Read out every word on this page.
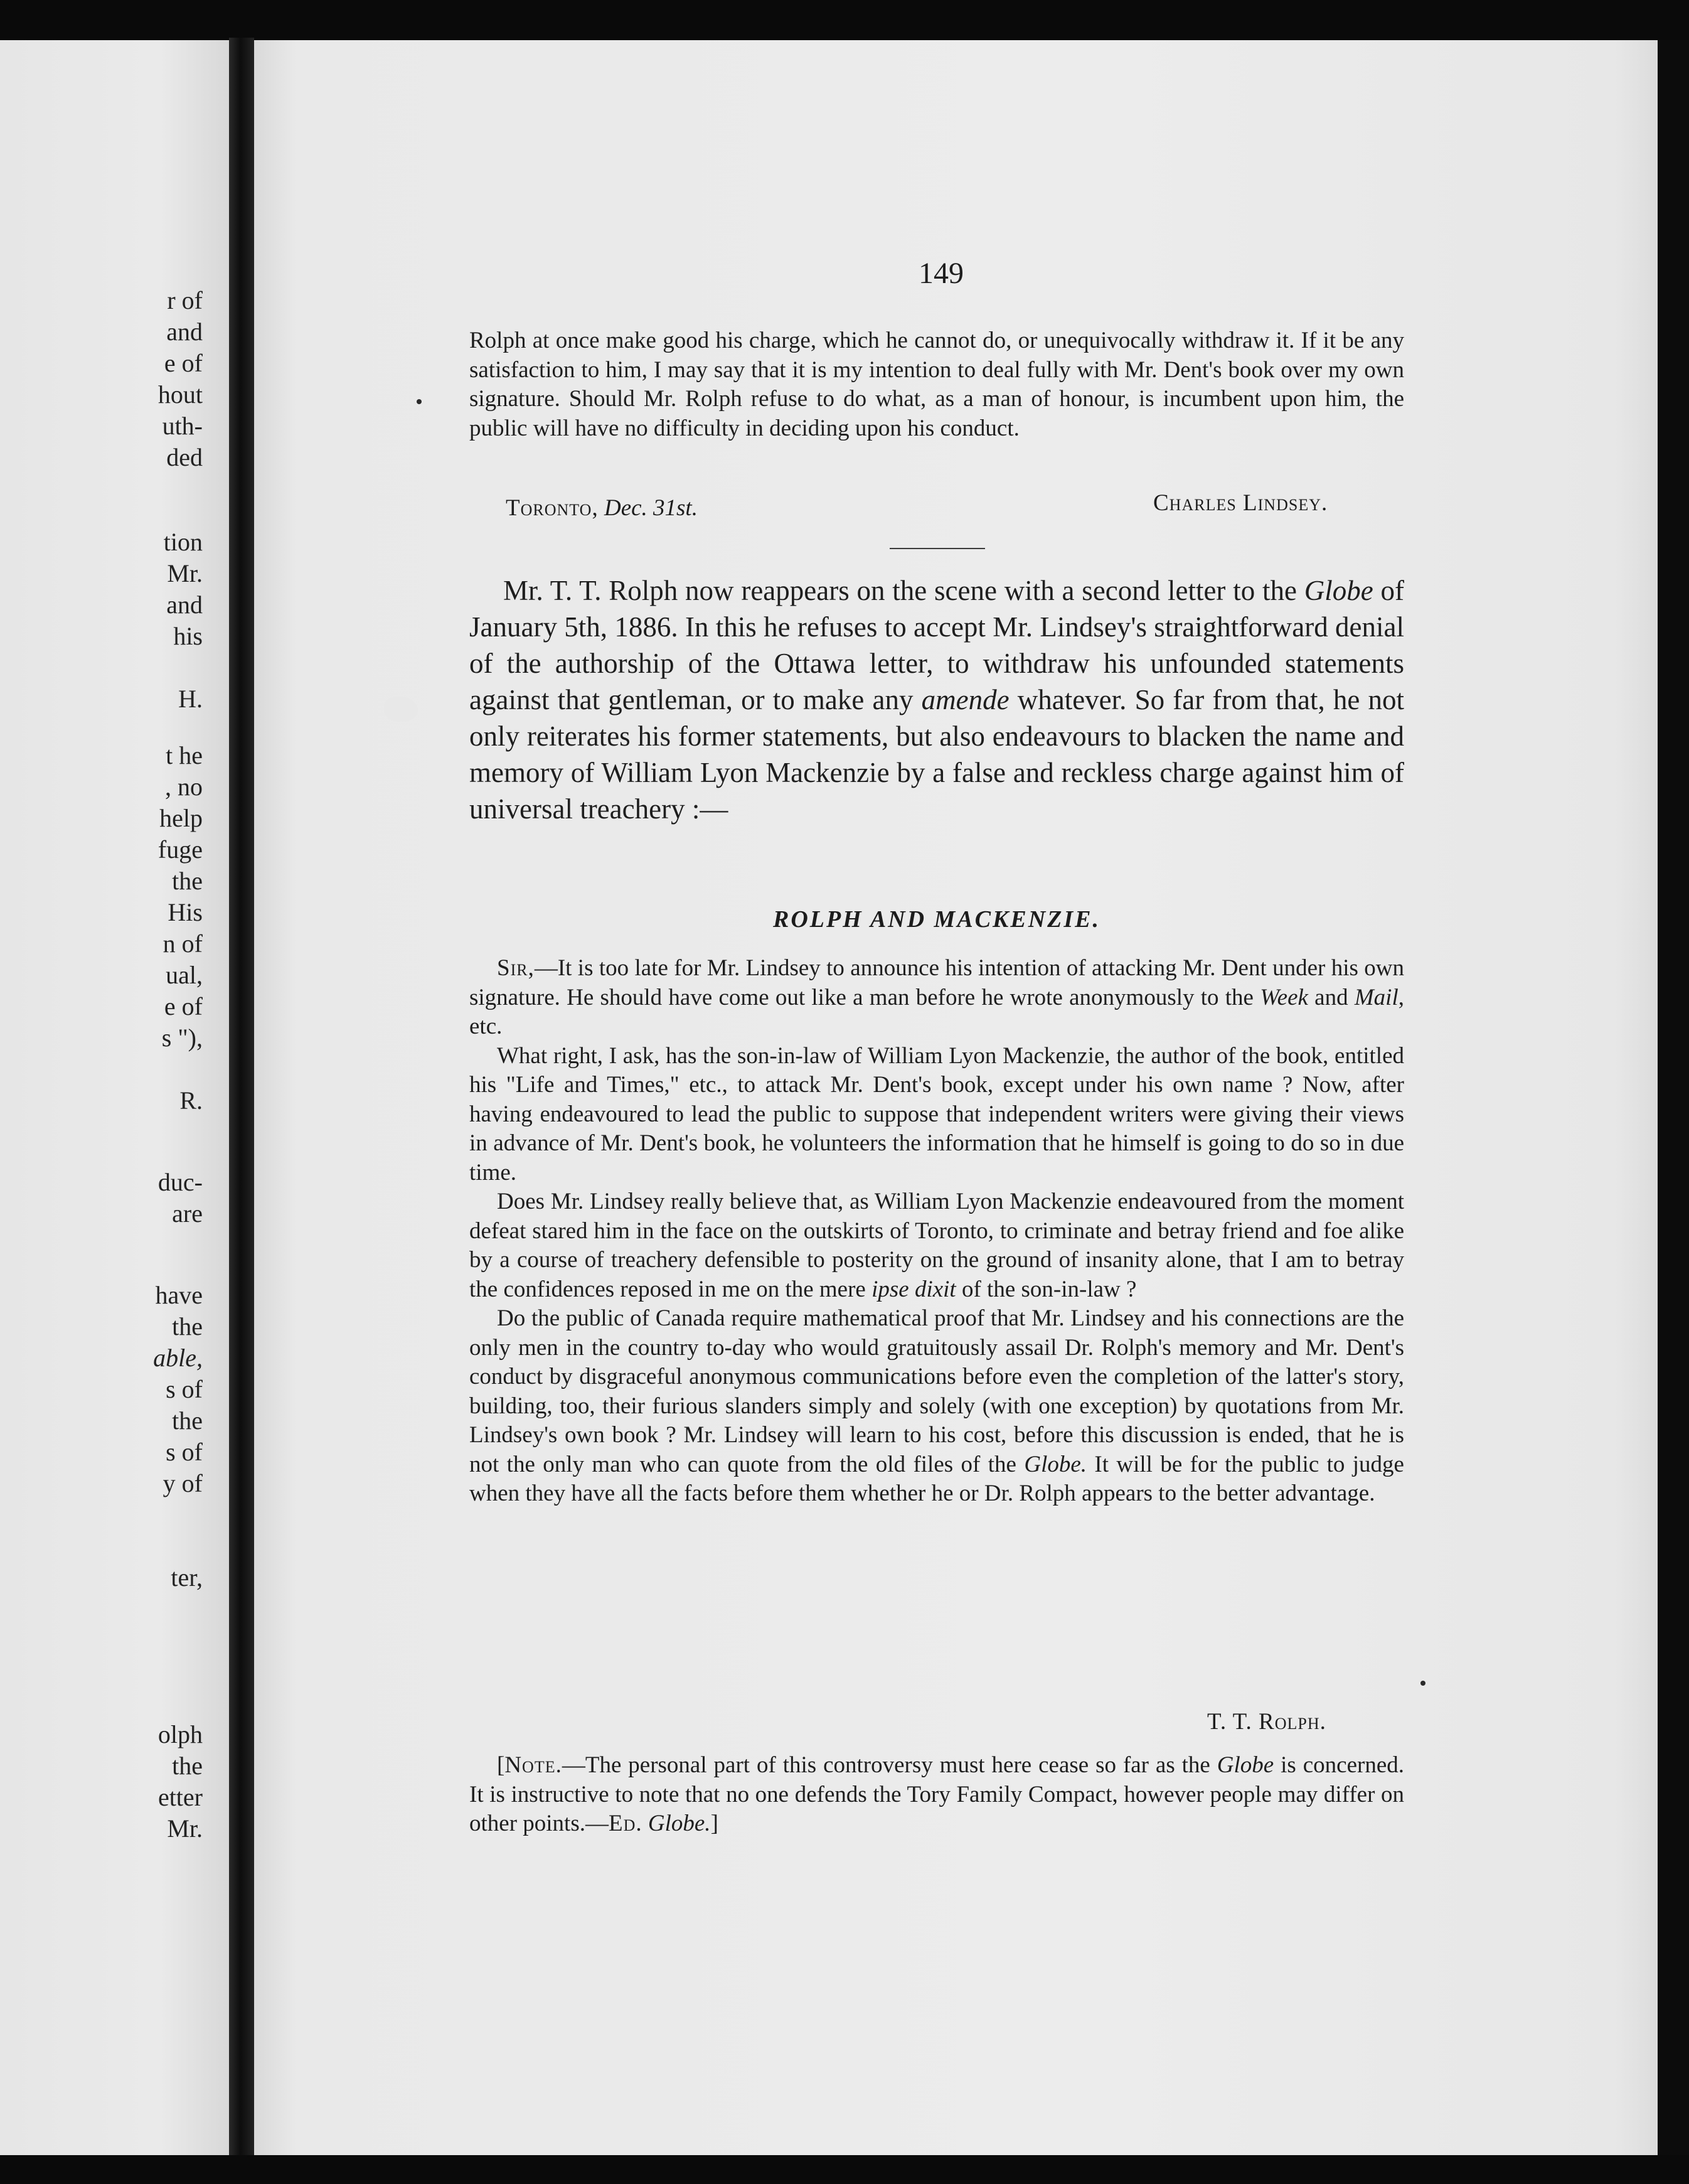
r of
and
e of
hout
uth-
ded
tion
Mr.
and
his
H.
t he
, no
help
fuge
the
His
n of
ual,
e of
s "),
R.
duc-
are
have
the
able,
s of
the
s of
y of
ter,
olph
the
etter
Mr.
149

Rolph at once make good his charge, which he cannot do, or unequivocally withdraw it. If it be any satisfaction to him, I may say that it is my intention to deal fully with Mr. Dent's book over my own signature. Should Mr. Rolph refuse to do what, as a man of honour, is incumbent upon him, the public will have no difficulty in deciding upon his conduct.

Charles Lindsey.
Toronto, Dec. 31st.

Mr. T. T. Rolph now reappears on the scene with a second letter to the Globe of January 5th, 1886. In this he refuses to accept Mr. Lindsey's straightforward denial of the authorship of the Ottawa letter, to withdraw his unfounded statements against that gentleman, or to make any amende whatever. So far from that, he not only reiterates his former statements, but also endeavours to blacken the name and memory of William Lyon Mackenzie by a false and reckless charge against him of universal treachery :—

ROLPH AND MACKENZIE.

Sir,—It is too late for Mr. Lindsey to announce his intention of attacking Mr. Dent under his own signature. He should have come out like a man before he wrote anonymously to the Week and Mail, etc.

What right, I ask, has the son-in-law of William Lyon Mackenzie, the author of the book, entitled his "Life and Times," etc., to attack Mr. Dent's book, except under his own name ? Now, after having endeavoured to lead the public to suppose that independent writers were giving their views in advance of Mr. Dent's book, he volunteers the information that he himself is going to do so in due time.

Does Mr. Lindsey really believe that, as William Lyon Mackenzie endeavoured from the moment defeat stared him in the face on the outskirts of Toronto, to criminate and betray friend and foe alike by a course of treachery defensible to posterity on the ground of insanity alone, that I am to betray the confidences reposed in me on the mere ipse dixit of the son-in-law ?

Do the public of Canada require mathematical proof that Mr. Lindsey and his connections are the only men in the country to-day who would gratuitously assail Dr. Rolph's memory and Mr. Dent's conduct by disgraceful anonymous communications before even the completion of the latter's story, building, too, their furious slanders simply and solely (with one exception) by quotations from Mr. Lindsey's own book ? Mr. Lindsey will learn to his cost, before this discussion is ended, that he is not the only man who can quote from the old files of the Globe. It will be for the public to judge when they have all the facts before them whether he or Dr. Rolph appears to the better advantage.

T. T. Rolph.

[Note.—The personal part of this controversy must here cease so far as the Globe is concerned. It is instructive to note that no one defends the Tory Family Compact, however people may differ on other points.—Ed. Globe.]
